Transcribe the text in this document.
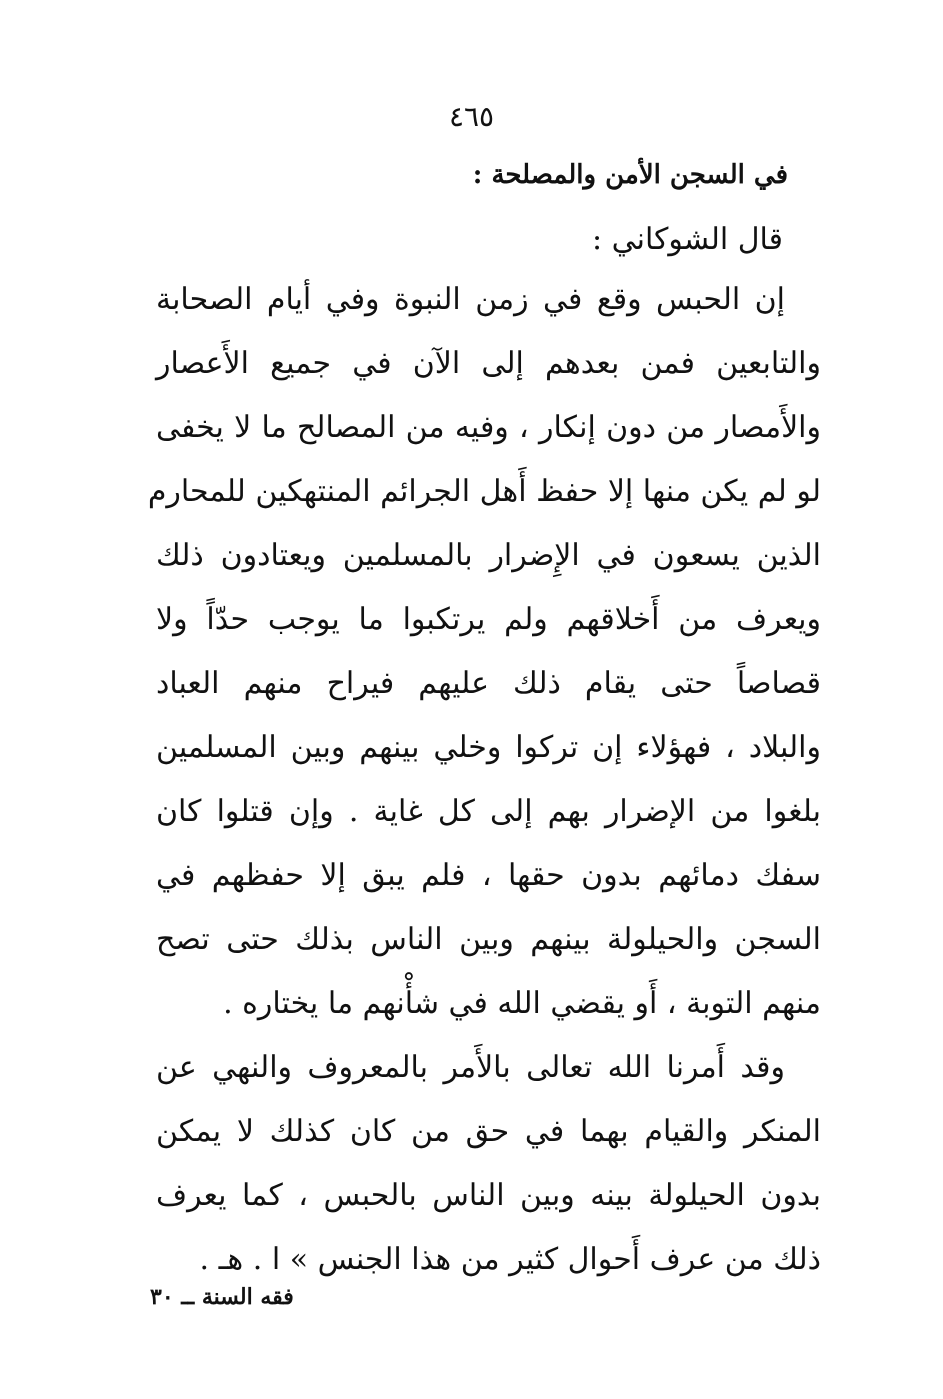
٤٦٥
في السجن الأمن والمصلحة :
قال الشوكاني :
إن الحبس وقع في زمن النبوة وفي أيام الصحابة
والتابعين فمن بعدهم إلى الآن في جميع الأَعصار
والأَمصار من دون إنكار ، وفيه من المصالح ما لا يخفى
لو لم يكن منها إلا حفظ أَهل الجرائم المنتهكين للمحارم
الذين يسعون في الإِضرار بالمسلمين ويعتادون ذلك
ويعرف من أَخلاقهم ولم يرتكبوا ما يوجب حدّاً ولا
قصاصاً حتى يقام ذلك عليهم فيراح منهم العباد
والبلاد ، فهؤلاء إن تركوا وخلي بينهم وبين المسلمين
بلغوا من الإضرار بهم إلى كل غاية . وإن قتلوا كان
سفك دمائهم بدون حقها ، فلم يبق إلا حفظهم في
السجن والحيلولة بينهم وبين الناس بذلك حتى تصح
منهم التوبة ، أَو يقضي الله في شأْنهم ما يختاره .
وقد أَمرنا الله تعالى بالأَمر بالمعروف والنهي عن
المنكر والقيام بهما في حق من كان كذلك لا يمكن
بدون الحيلولة بينه وبين الناس بالحبس ، كما يعرف
ذلك من عرف أَحوال كثير من هذا الجنس » ا . هـ .
فقه السنة ــ ٣٠
